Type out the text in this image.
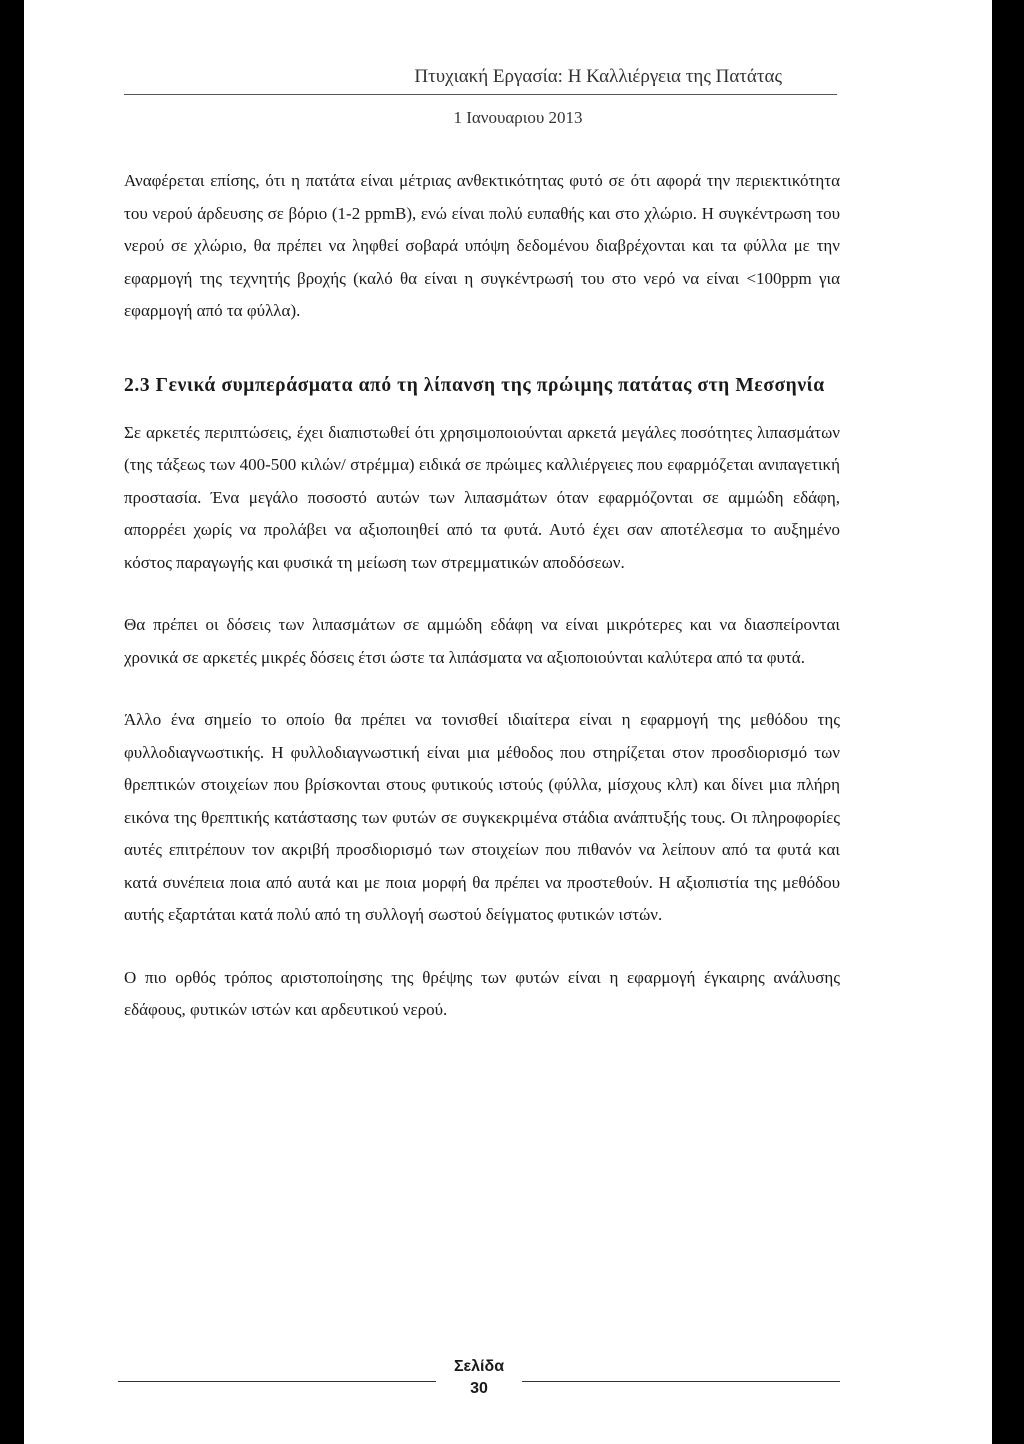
Πτυχιακή Εργασία: Η Καλλιέργεια της Πατάτας
1 Ιανουαριου 2013

Αναφέρεται επίσης, ότι η πατάτα είναι μέτριας ανθεκτικότητας φυτό σε ότι αφορά την περιεκτικότητα του νερού άρδευσης σε βόριο (1-2 ppmB), ενώ είναι πολύ ευπαθής και στο χλώριο. Η συγκέντρωση του νερού σε χλώριο, θα πρέπει να ληφθεί σοβαρά υπόψη δεδομένου διαβρέχονται και τα φύλλα με την εφαρμογή της τεχνητής βροχής (καλό θα είναι η συγκέντρωσή του στο νερό να είναι <100ppm για εφαρμογή από τα φύλλα).

2.3 Γενικά συμπεράσματα από τη λίπανση της πρώιμης πατάτας στη Μεσσηνία

Σε αρκετές περιπτώσεις, έχει διαπιστωθεί ότι χρησιμοποιούνται αρκετά μεγάλες ποσότητες λιπασμάτων (της τάξεως των 400-500 κιλών/ στρέμμα) ειδικά σε πρώιμες καλλιέργειες που εφαρμόζεται ανιπαγετική προστασία. Ένα μεγάλο ποσοστό αυτών των λιπασμάτων όταν εφαρμόζονται σε αμμώδη εδάφη, απορρέει χωρίς να προλάβει να αξιοποιηθεί από τα φυτά. Αυτό έχει σαν αποτέλεσμα το αυξημένο κόστος παραγωγής και φυσικά τη μείωση των στρεμματικών αποδόσεων.

Θα πρέπει οι δόσεις των λιπασμάτων σε αμμώδη εδάφη να είναι μικρότερες και να διασπείρονται χρονικά σε αρκετές μικρές δόσεις έτσι ώστε τα λιπάσματα να αξιοποιούνται καλύτερα από τα φυτά.

Άλλο ένα σημείο το οποίο θα πρέπει να τονισθεί ιδιαίτερα είναι η εφαρμογή της μεθόδου της φυλλοδιαγνωστικής. Η φυλλοδιαγνωστική είναι μια μέθοδος που στηρίζεται στον προσδιορισμό των θρεπτικών στοιχείων που βρίσκονται στους φυτικούς ιστούς (φύλλα, μίσχους κλπ) και δίνει μια πλήρη εικόνα της θρεπτικής κατάστασης των φυτών σε συγκεκριμένα στάδια ανάπτυξής τους. Οι πληροφορίες αυτές επιτρέπουν τον ακριβή προσδιορισμό των στοιχείων που πιθανόν να λείπουν από τα φυτά και κατά συνέπεια ποια από αυτά και με ποια μορφή θα πρέπει να προστεθούν. Η αξιοπιστία της μεθόδου αυτής εξαρτάται κατά πολύ από τη συλλογή σωστού δείγματος φυτικών ιστών.

Ο πιο ορθός τρόπος αριστοποίησης της θρέψης των φυτών είναι η εφαρμογή έγκαιρης ανάλυσης εδάφους, φυτικών ιστών και αρδευτικού νερού.

Σελίδα
30
